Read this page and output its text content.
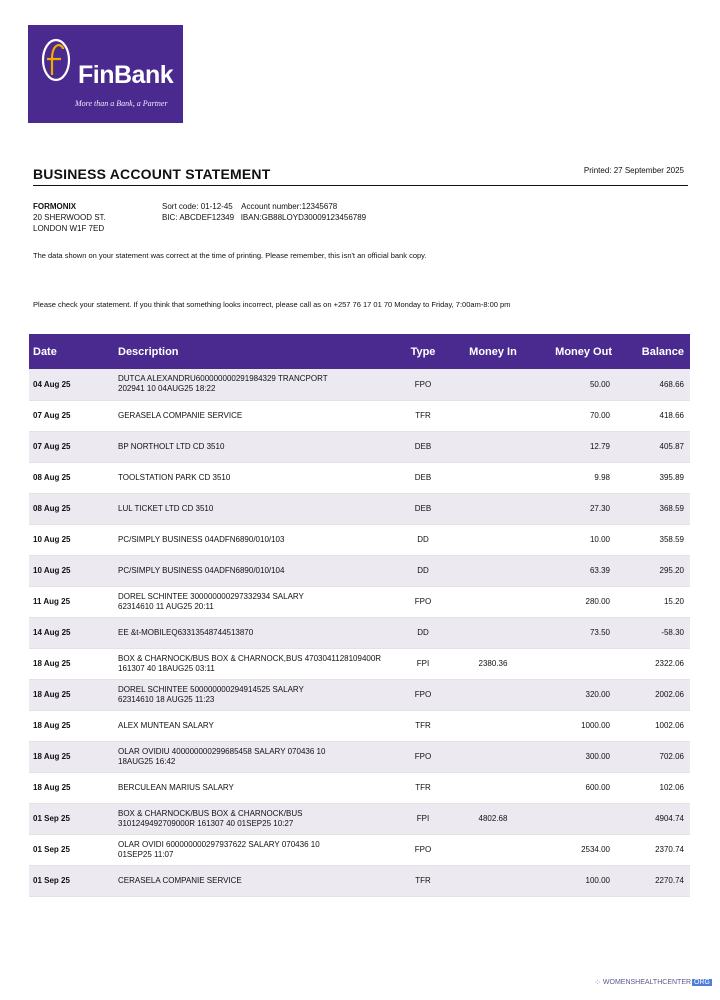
FinBank
More than a Bank, a Partner
BUSINESS ACCOUNT STATEMENT	Printed: 27 September 2025
FORMONIX
20 SHERWOOD ST.
LONDON W1F 7ED
Sort code: 01-12-45    Account number:12345678
BIC: ABCDEF12349   IBAN:GB88LOYD30009123456789
The data shown on your statement was correct at the time of printing. Please remember, this isn't an official bank copy.
Please check your statement. If you think that something looks incorrect, please call as on +257 76 17 01 70 Monday to Friday, 7:00am-8:00 pm
Date	Description	Type	Money In	Money Out	Balance
04 Aug 25	DUTCA ALEXANDRU600000000291984329 TRANCPORT
202941 10 04AUG25 18:22	FPO		50.00	468.66
07 Aug 25	GERASELA COMPANIE SERVICE	TFR		70.00	418.66
07 Aug 25	BP NORTHOLT LTD CD 3510	DEB		12.79	405.87
08 Aug 25	TOOLSTATION PARK CD 3510	DEB		9.98	395.89
08 Aug 25	LUL TICKET LTD CD 3510	DEB		27.30	368.59
10 Aug 25	PC/SIMPLY BUSINESS 04ADFN6890/010/103	DD		10.00	358.59
10 Aug 25	PC/SIMPLY BUSINESS 04ADFN6890/010/104	DD		63.39	295.20
11 Aug 25	DOREL SCHINTEE 300000000297332934 SALARY
62314610 11 AUG25 20:11	FPO		280.00	15.20
14 Aug 25	EE &t-MOBILEQ63313548744513870	DD		73.50	-58.30
18 Aug 25	BOX & CHARNOCK/BUS BOX & CHARNOCK,BUS 4703041128109400R
161307 40 18AUG25 03:11	FPI	2380.36		2322.06
18 Aug 25	DOREL SCHINTEE 500000000294914525 SALARY
62314610 18 AUG25 11:23	FPO		320.00	2002.06
18 Aug 25	ALEX MUNTEAN SALARY	TFR		1000.00	1002.06
18 Aug 25	OLAR OVIDIU 400000000299685458 SALARY 070436 10
18AUG25 16:42	FPO		300.00	702.06
18 Aug 25	BERCULEAN MARIUS SALARY	TFR		600.00	102.06
01 Sep 25	BOX & CHARNOCK/BUS BOX & CHARNOCK/BUS
3101249492709000R 161307 40 01SEP25 10:27	FPI	4802.68		4904.74
01 Sep 25	OLAR OVIDI 600000000297937622 SALARY 070436 10
01SEP25 11:07	FPO		2534.00	2370.74
01 Sep 25	CERASELA COMPANIE SERVICE	TFR		100.00	2270.74
⁘ WOMENSHEALTHCENTER ORG
